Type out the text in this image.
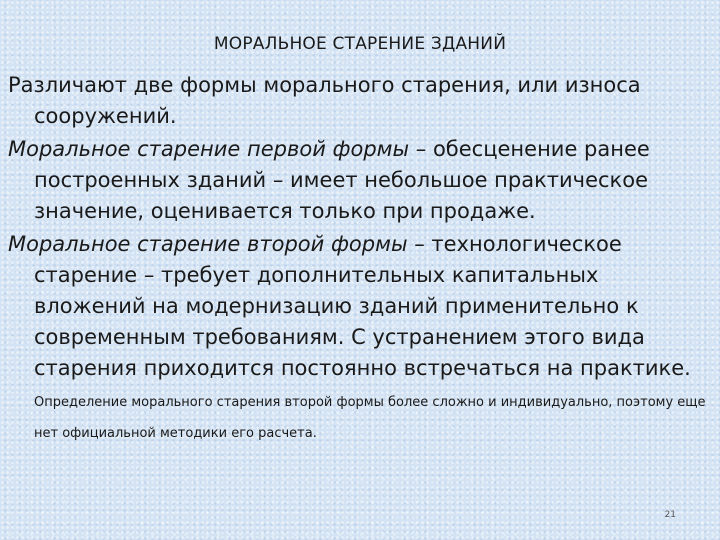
МОРАЛЬНОЕ СТАРЕНИЕ ЗДАНИЙ

Различают две формы морального старения, или износа сооружений.

Моральное старение первой формы – обесценение ранее построенных зданий – имеет небольшое практическое значение, оценивается только при продаже.

Моральное старение второй формы – технологическое старение – требует дополнительных капитальных вложений на модернизацию зданий применительно к современным требованиям. С устранением этого вида старения приходится постоянно встречаться на практике. Определение морального старения второй формы более сложно и индивидуально, поэтому еще нет официальной методики его расчета.

21
